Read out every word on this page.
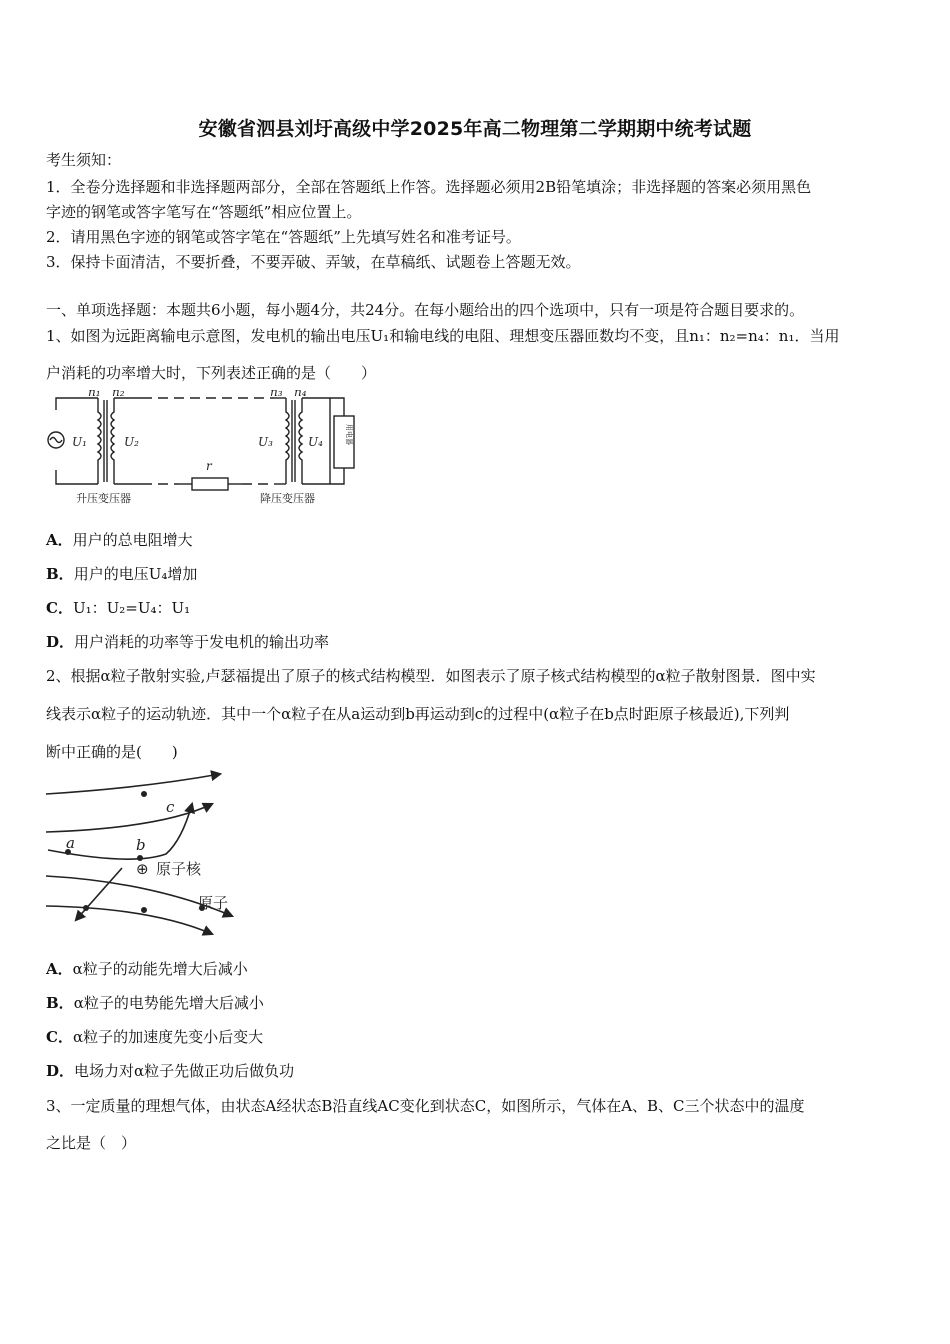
安徽省泗县刘圩高级中学2025年高二物理第二学期期中统考试题
考生须知：
1．全卷分选择题和非选择题两部分，全部在答题纸上作答。选择题必须用2B铅笔填涂；非选择题的答案必须用黑色
字迹的钢笔或答字笔写在“答题纸”相应位置上。
2．请用黑色字迹的钢笔或答字笔在“答题纸”上先填写姓名和准考证号。
3．保持卡面清洁，不要折叠，不要弄破、弄皱，在草稿纸、试题卷上答题无效。
一、单项选择题：本题共6小题，每小题4分，共24分。在每小题给出的四个选项中，只有一项是符合题目要求的。
1、如图为远距离输电示意图，发电机的输出电压U₁和输电线的电阻、理想变压器匝数均不变，且n₁：n₂=n₄：n₁．当用
户消耗的功率增大时，下列表述正确的是（　　）
n₁ n₂	n₃ n₄
U₁	U₂	U₃	U₄
r
升压变压器	降压变压器
用电器
A．用户的总电阻增大
B．用户的电压U₄增加
C．U₁：U₂=U₄：U₁
D．用户消耗的功率等于发电机的输出功率
2、根据α粒子散射实验,卢瑟福提出了原子的核式结构模型．如图表示了原子核式结构模型的α粒子散射图景．图中实
线表示α粒子的运动轨迹．其中一个α粒子在从a运动到b再运动到c的过程中(α粒子在b点时距原子核最近),下列判
断中正确的是(　　)
a	b
c
⊕ 原子核
原子
A．α粒子的动能先增大后减小
B．α粒子的电势能先增大后减小
C．α粒子的加速度先变小后变大
D．电场力对α粒子先做正功后做负功
3、一定质量的理想气体，由状态A经状态B沿直线AC变化到状态C，如图所示，气体在A、B、C三个状态中的温度
之比是（　）
